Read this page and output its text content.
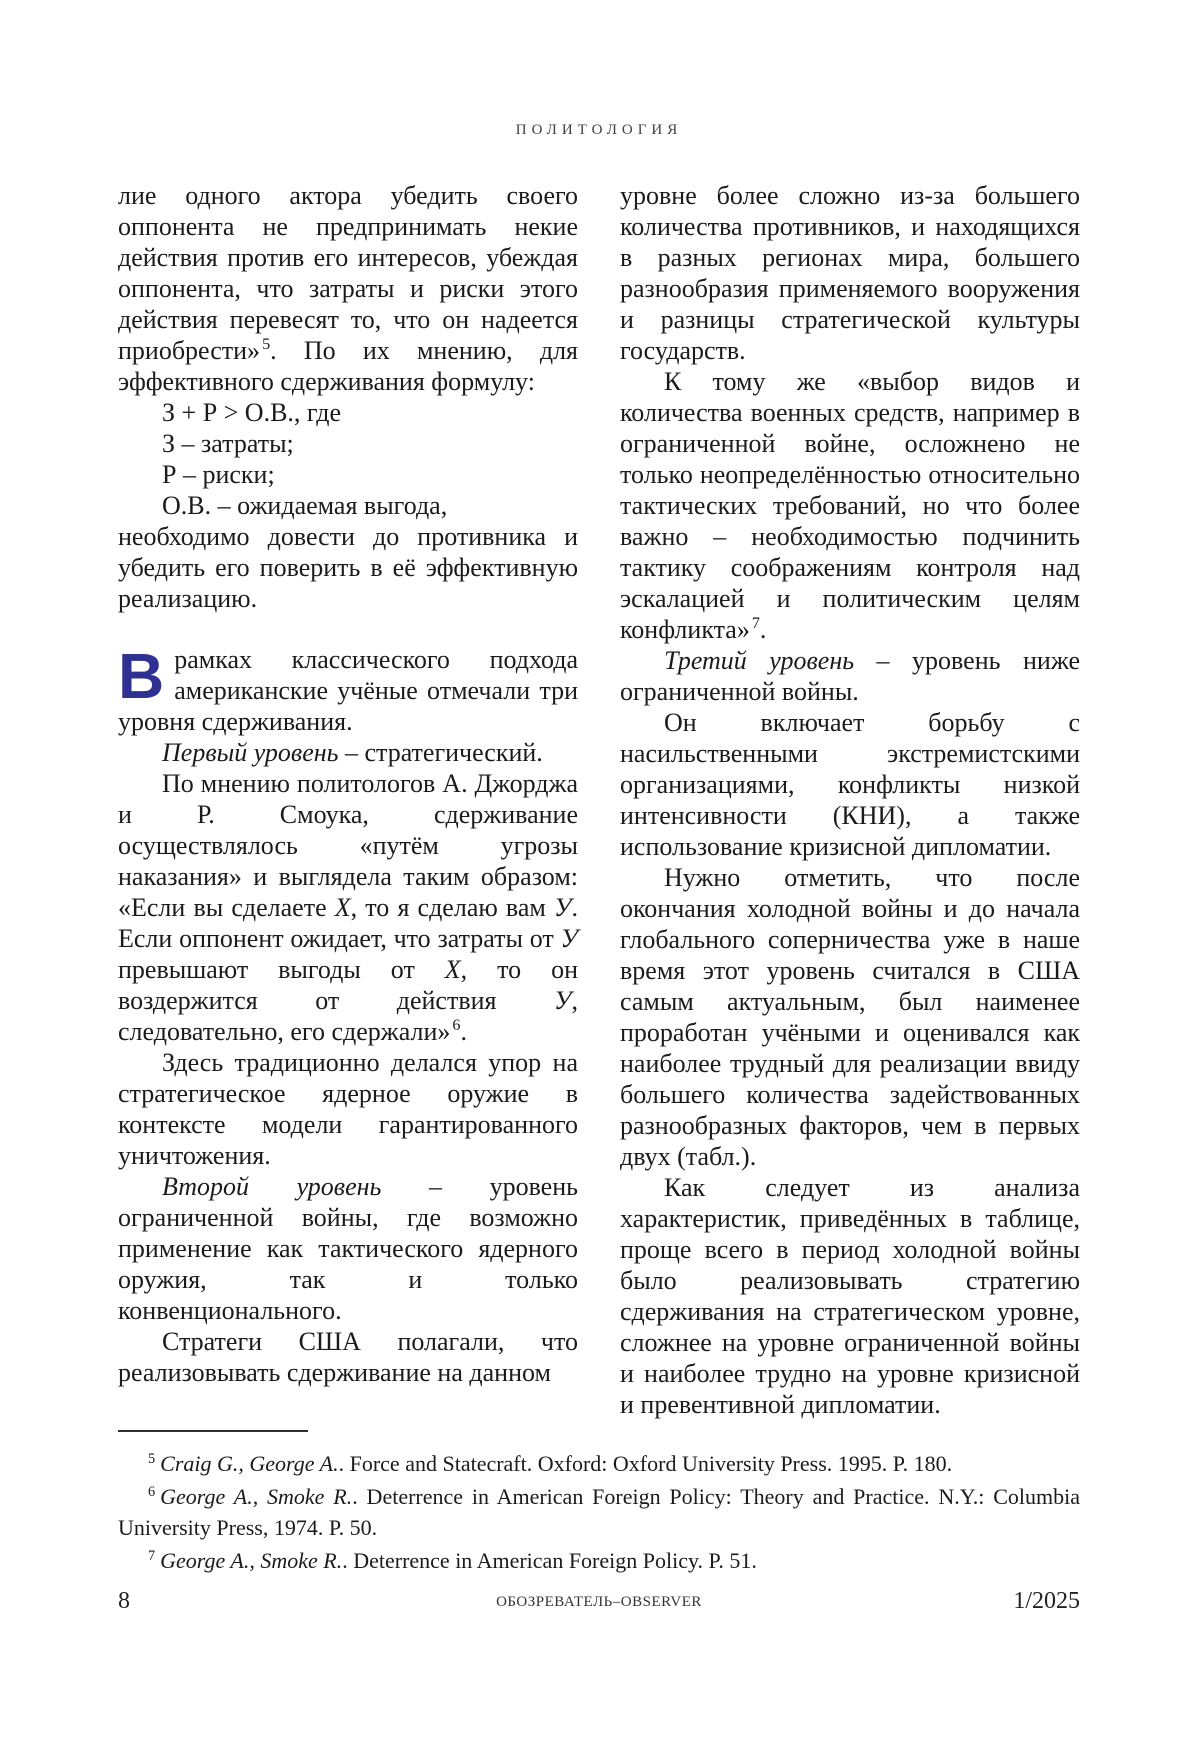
ПОЛИТОЛОГИЯ

лие одного актора убедить своего оппонента не предпринимать некие действия против его интересов, убеждая оппонента, что затраты и риски этого действия перевесят то, что он надеется приобрести» $^5$. По их мнению, для эффективного сдерживания формулу:

З + Р > О.В., где
З – затраты;
Р – риски;
О.В. – ожидаемая выгода,

необходимо довести до противника и убедить его поверить в её эффективную реализацию.

Врамках классического подхода американские учёные отмечали три уровня сдерживания.

Первый уровень – стратегический.

По мнению политологов А. Джорджа и Р. Смоука, сдерживание осуществлялось «путём угрозы наказания» и выглядела таким образом: «Если вы сделаете X, то я сделаю вам У. Если оппонент ожидает, что затраты от У превышают выгоды от X, то он воздержится от действия У, следовательно, его сдержали» $^6$.

Здесь традиционно делался упор на стратегическое ядерное оружие в контексте модели гарантированного уничтожения.

Второй уровень – уровень ограниченной войны, где возможно применение как тактического ядерного оружия, так и только конвенционального.

Стратеги США полагали, что реализовывать сдерживание на данном

уровне более сложно из-за большего количества противников, и находящихся в разных регионах мира, большего разнообразия применяемого вооружения и разницы стратегической культуры государств.

К тому же «выбор видов и количества военных средств, например в ограниченной войне, осложнено не только неопределённостью относительно тактических требований, но что более важно – необходимостью подчинить тактику соображениям контроля над эскалацией и политическим целям конфликта» $^7$.

Третий уровень – уровень ниже ограниченной войны.

Он включает борьбу с насильственными экстремистскими организациями, конфликты низкой интенсивности (КНИ), а также использование кризисной дипломатии.

Нужно отметить, что после окончания холодной войны и до начала глобального соперничества уже в наше время этот уровень считался в США самым актуальным, был наименее проработан учёными и оценивался как наиболее трудный для реализации ввиду большего количества задействованных разнообразных факторов, чем в первых двух (табл.).

Как следует из анализа характеристик, приведённых в таблице, проще всего в период холодной войны было реализовывать стратегию сдерживания на стратегическом уровне, сложнее на уровне ограниченной войны и наиболее трудно на уровне кризисной и превентивной дипломатии.

$^5$ Craig G., George A.. Force and Statecraft. Oxford: Oxford University Press. 1995. P. 180.

$^6$ George A., Smoke R.. Deterrence in American Foreign Policy: Theory and Practice. N.Y.: Columbia University Press, 1974. P. 50.

$^7$ George A., Smoke R.. Deterrence in American Foreign Policy. P. 51.

8	ОБОЗРЕВАТЕЛЬ–OBSERVER	1/2025
